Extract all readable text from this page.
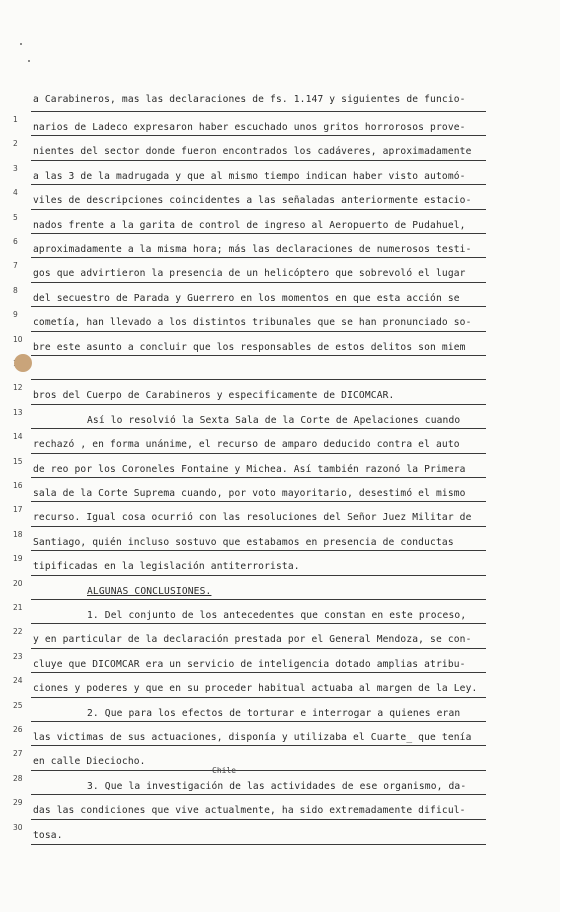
a Carabineros, mas las declaraciones de fs. 1.147 y siguientes de funcio-
narios de Ladeco expresaron haber escuchado unos gritos horrorosos prove-
1
nientes del sector donde fueron encontrados los cadáveres, aproximadamente
2
a las 3 de la madrugada y que al mismo tiempo indican haber visto automó-
3
viles de descripciones coincidentes a las señaladas anteriormente estacio-
4
nados frente a la garita de control de ingreso al Aeropuerto de Pudahuel,
5
aproximadamente a la misma hora; más las declaraciones de numerosos testi-
6
gos que advirtieron la presencia de un helicóptero que sobrevoló el lugar
7
del secuestro de Parada y Guerrero en los momentos en que esta acción se
8
cometía, han llevado a los distintos tribunales que se han pronunciado so-
9
bre este asunto a concluir que los responsables de estos delitos son miem
10
bros del Cuerpo de Carabineros y especificamente de DICOMCAR.
12
Así lo resolvió la Sexta Sala de la Corte de Apelaciones cuando
13
rechazó , en forma unánime, el recurso de amparo deducido contra el auto
14
de reo por los Coroneles Fontaine y Michea. Así también razonó la Primera
15
sala de la Corte Suprema cuando, por voto mayoritario, desestimó el mismo
16
recurso. Igual cosa ocurrió con las resoluciones del Señor Juez Militar de
17
Santiago, quién incluso sostuvo que estabamos en presencia de conductas
18
tipificadas en la legislación antiterrorista.
19
ALGUNAS CONCLUSIONES.
20
1. Del conjunto de los antecedentes que constan en este proceso,
21
y en particular de la declaración prestada por el General Mendoza, se con-
22
cluye que DICOMCAR era un servicio de inteligencia dotado amplias atribu-
23
ciones y poderes y que en su proceder habitual actuaba al margen de la Ley.
24
2. Que para los efectos de torturar e interrogar a quienes eran
25
las victimas de sus actuaciones, disponía y utilizaba el Cuarte_ que tenía
26
en calle Dieciocho.
27
3. Que la investigación de las actividades de ese organismo, da-
28
das las condiciones que vive actualmente, ha sido extremadamente dificul-
29
tosa.
30
Chile
